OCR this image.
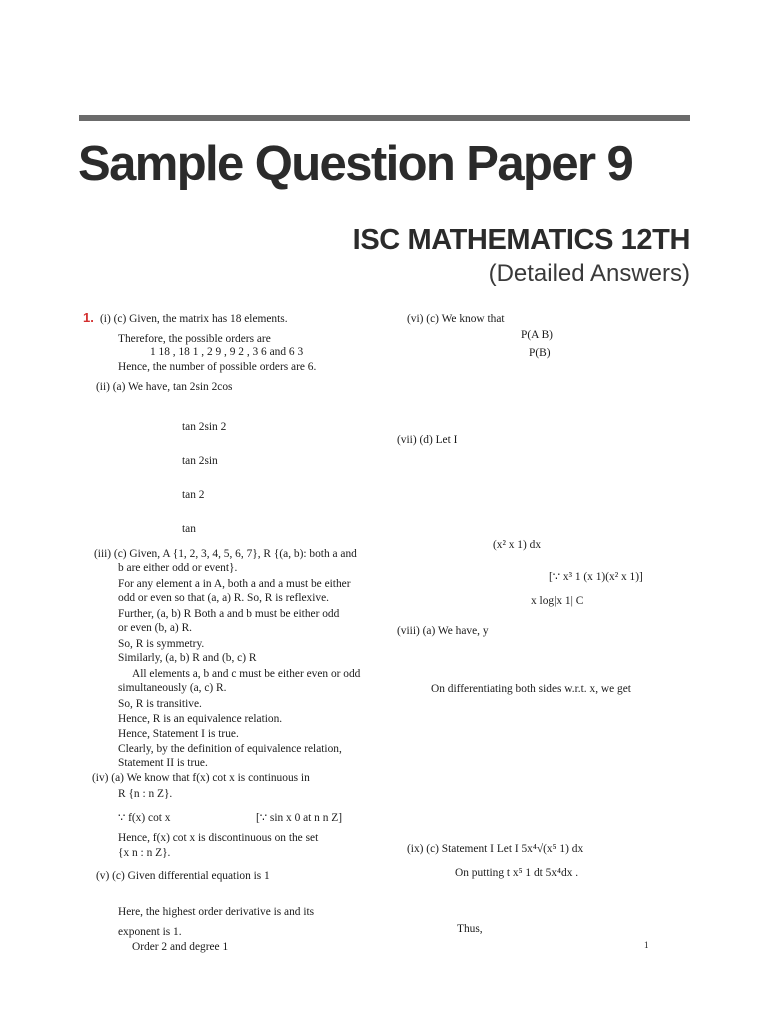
Sample Question Paper 9
ISC MATHEMATICS 12TH
(Detailed Answers)
1. (i) (c) Given, the matrix has 18 elements.
Therefore, the possible orders are
1 18 , 18 1 , 2 9 , 9 2 , 3 6 and 6 3
Hence, the number of possible orders are 6.
(ii) (a) We have, tan 2sin 2cos
tan 2sin 2
tan 2sin
tan 2
tan
(iii) (c) Given, A {1, 2, 3, 4, 5, 6, 7}, R {(a, b): both a and
b are either odd or event}.
For any element a in A, both a and a must be either
odd or even so that (a, a) R. So, R is reflexive.
Further, (a, b) R Both a and b must be either odd
or even (b, a) R.
So, R is symmetry.
Similarly, (a, b) R and (b, c) R
All elements a, b and c must be either even or odd
simultaneously (a, c) R.
So, R is transitive.
Hence, R is an equivalence relation.
Hence, Statement I is true.
Clearly, by the definition of equivalence relation,
Statement II is true.
(iv) (a) We know that f(x) cot x is continuous in
R {n : n Z}.
∵ f(x) cot x	[∵ sin x 0 at n n Z]
Hence, f(x) cot x is discontinuous on the set
{x n : n Z}.
(v) (c) Given differential equation is 1
Here, the highest order derivative is and its
exponent is 1.
Order 2 and degree 1
(vi) (c) We know that
P(A B)
P(B)
(vii) (d) Let I
(x² x 1) dx
[∵ x³ 1 (x 1)(x² x 1)]
x log|x 1| C
(viii) (a) We have, y
On differentiating both sides w.r.t. x, we get
(ix) (c) Statement I Let I 5x⁴√(x⁵ 1) dx
On putting t x⁵ 1 dt 5x⁴dx .
Thus,
1
